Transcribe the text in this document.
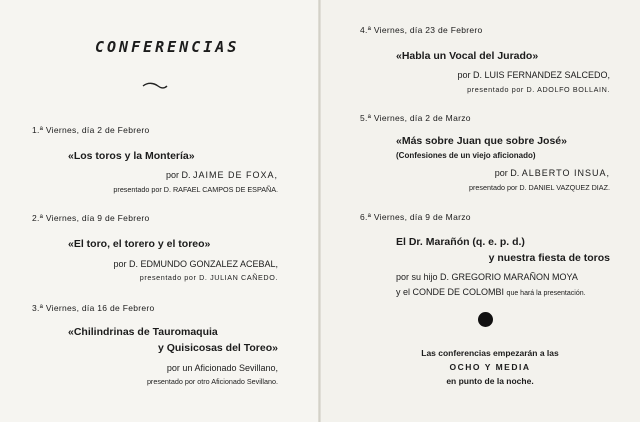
CONFERENCIAS
1.ª Viernes, día 2 de Febrero
«Los toros y la Montería»
por D. JAIME DE FOXA,
presentado por D. RAFAEL CAMPOS DE ESPAÑA.
2.ª Viernes, día 9 de Febrero
«El toro, el torero y el toreo»
por D. EDMUNDO GONZALEZ ACEBAL,
presentado por D. JULIAN CAÑEDO.
3.ª Viernes, día 16 de Febrero
«Chilindrinas de Tauromaquia
y Quisicosas del Toreo»
por un Aficionado Sevillano,
presentado por otro Aficionado Sevillano.
4.ª Viernes, día 23 de Febrero
«Habla un Vocal del Jurado»
por D. LUIS FERNANDEZ SALCEDO,
presentado por D. ADOLFO BOLLAIN.
5.ª Viernes, día 2 de Marzo
«Más sobre Juan que sobre José»
(Confesiones de un viejo aficionado)
por D. ALBERTO INSUA,
presentado por D. DANIEL VAZQUEZ DIAZ.
6.ª Viernes, día 9 de Marzo
El Dr. Marañón (q. e. p. d.)
y nuestra fiesta de toros
por su hijo D. GREGORIO MARAÑON MOYA
y el CONDE DE COLOMBI que hará la presentación.
Las conferencias empezarán a las
OCHO Y MEDIA
en punto de la noche.
